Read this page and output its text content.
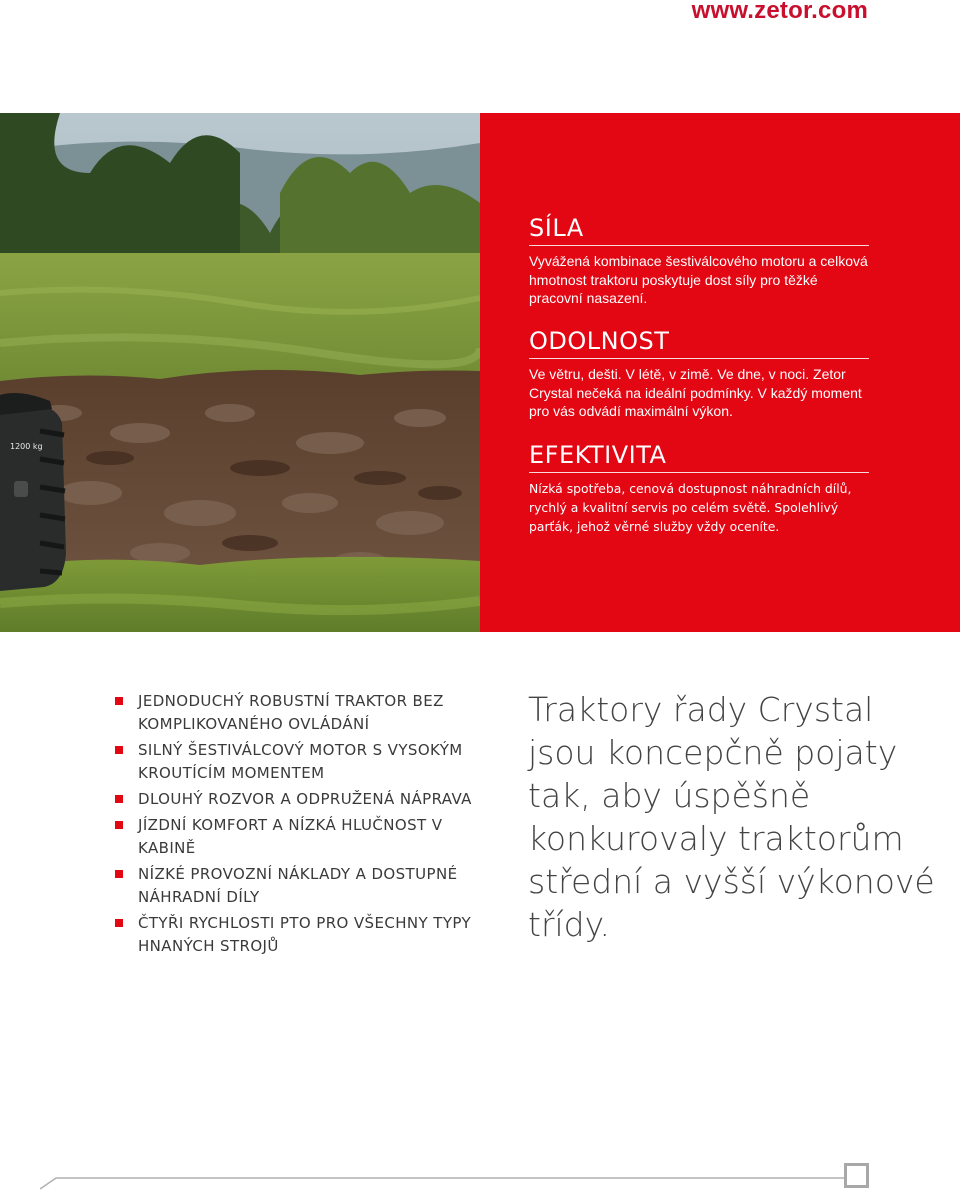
www.zetor.com
1200 kg
SÍLA

Vyvážená kombinace šestiválcového motoru a celková hmotnost traktoru poskytuje dost síly pro těžké pracovní nasazení.

ODOLNOST

Ve větru, dešti. V létě, v zimě. Ve dne, v noci. Zetor Crystal nečeká na ideální podmínky. V každý moment pro vás odvádí maximální výkon.

EFEKTIVITA

Nízká spotřeba, cenová dostupnost náhradních dílů, rychlý a kvalitní servis po celém světě. Spolehlivý parťák, jehož věrné služby vždy oceníte.

JEDNODUCHÝ ROBUSTNÍ TRAKTOR BEZ KOMPLIKOVANÉHO OVLÁDÁNÍ
SILNÝ ŠESTIVÁLCOVÝ MOTOR S VYSOKÝM KROUTÍCÍM MOMENTEM
DLOUHÝ ROZVOR A ODPRUŽENÁ NÁPRAVA
JÍZDNÍ KOMFORT A NÍZKÁ HLUČNOST V KABINĚ
NÍZKÉ PROVOZNÍ NÁKLADY A DOSTUPNÉ NÁHRADNÍ DÍLY
ČTYŘI RYCHLOSTI PTO PRO VŠECHNY TYPY HNANÝCH STROJŮ

Traktory řady Crystal jsou koncepčně pojaty tak, aby úspěšně konkurovaly traktorům střední a vyšší výkonové třídy.
